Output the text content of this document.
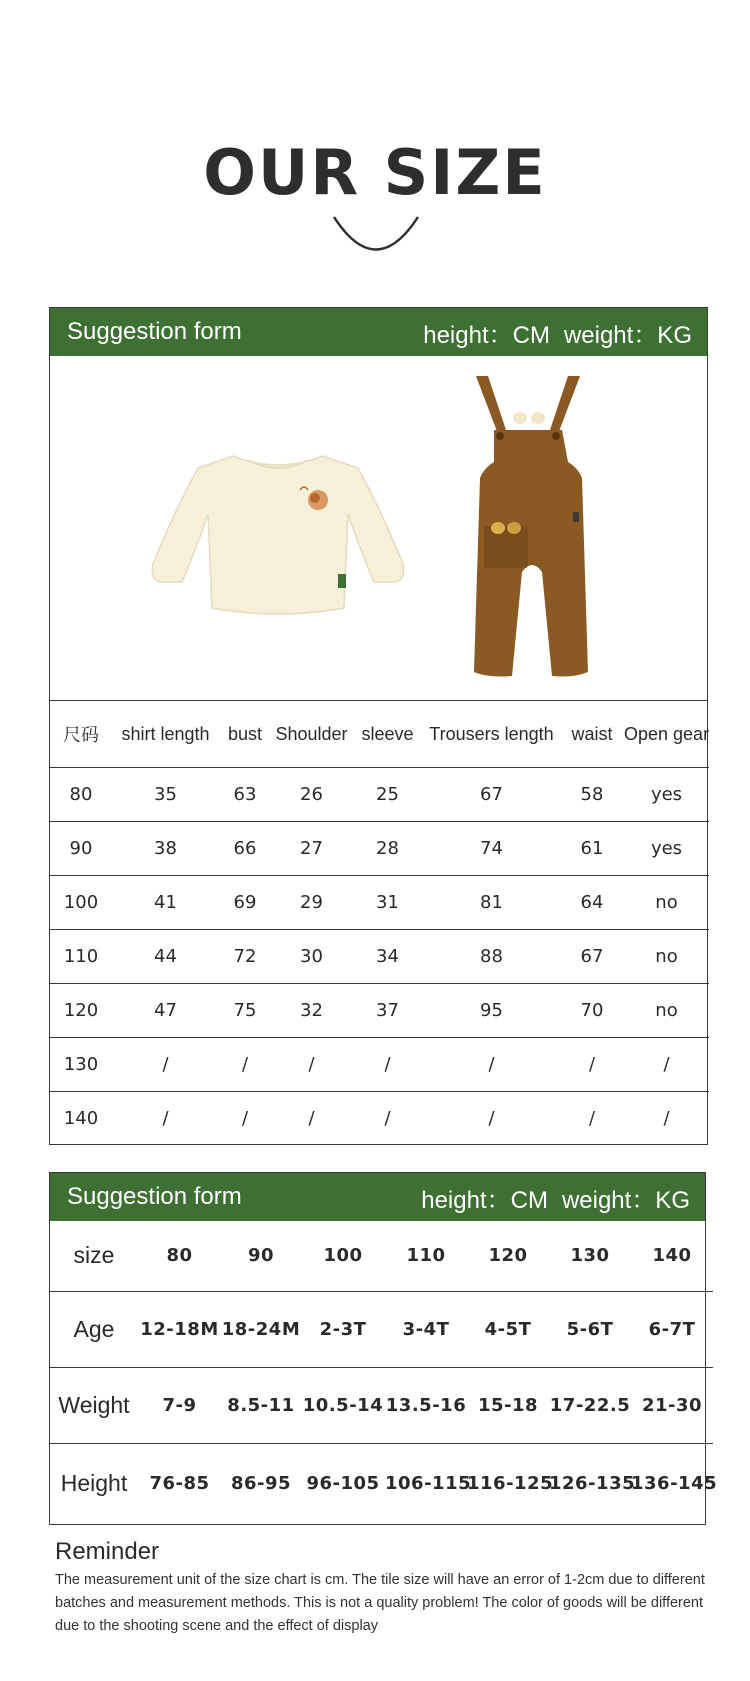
OUR SIZE
Suggestion form	height：CM weight：KG
尺码	shirt length	bust	Shoulder	sleeve	Trousers length	waist	Open gear
80	35	63	26	25	67	58	yes
90	38	66	27	28	74	61	yes
100	41	69	29	31	81	64	no
110	44	72	30	34	88	67	no
120	47	75	32	37	95	70	no
130	/	/	/	/	/	/	/
140	/	/	/	/	/	/	/
Suggestion form	height：CM weight：KG
size	80	90	100	110	120	130	140
Age	12-18M	18-24M	2-3T	3-4T	4-5T	5-6T	6-7T
Weight	7-9	8.5-11	10.5-14	13.5-16	15-18	17-22.5	21-30
Height	76-85	86-95	96-105	106-115	116-125	126-135	136-145
Reminder
The measurement unit of the size chart is cm. The tile size will have an error of 1-2cm due to different batches and measurement methods. This is not a quality problem! The color of goods will be different due to the shooting scene and the effect of display
